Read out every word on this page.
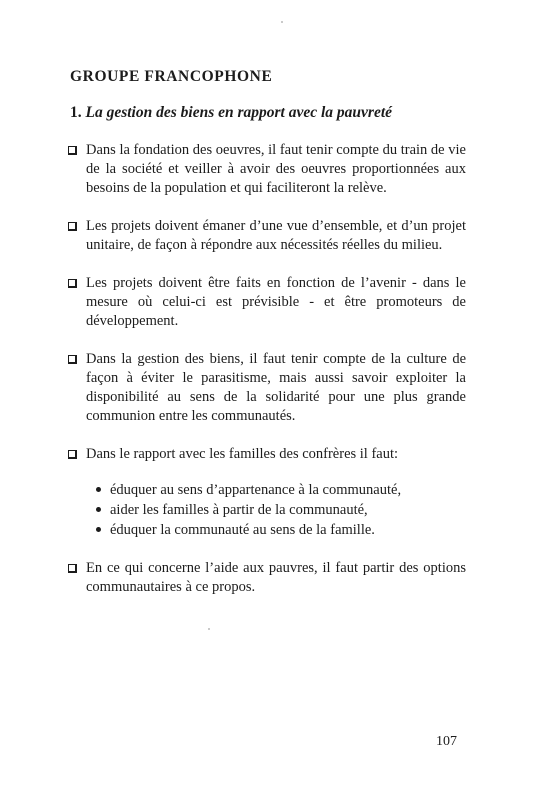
GROUPE FRANCOPHONE
1. La gestion des biens en rapport avec la pauvreté
Dans la fondation des oeuvres, il faut tenir compte du train de vie de la société et veiller à avoir des oeuvres proportionnées aux besoins de la population et qui faciliteront la relève.
Les projets doivent émaner d’une vue d’ensemble, et d’un projet unitaire, de façon à répondre aux nécessités réelles du milieu.
Les projets doivent être faits en fonction de l’avenir - dans le mesure où celui-ci est prévisible - et être promoteurs de développement.
Dans la gestion des biens, il faut tenir compte de la culture de façon à éviter le parasitisme, mais aussi savoir exploiter la disponibilité au sens de la solidarité pour une plus grande communion entre les communautés.
Dans le rapport avec les familles des confrères il faut:
éduquer au sens d’appartenance à la communauté,
aider les familles à partir de la communauté,
éduquer la communauté au sens de la famille.
En ce qui concerne l’aide aux pauvres, il faut partir des options communautaires à ce propos.

107
